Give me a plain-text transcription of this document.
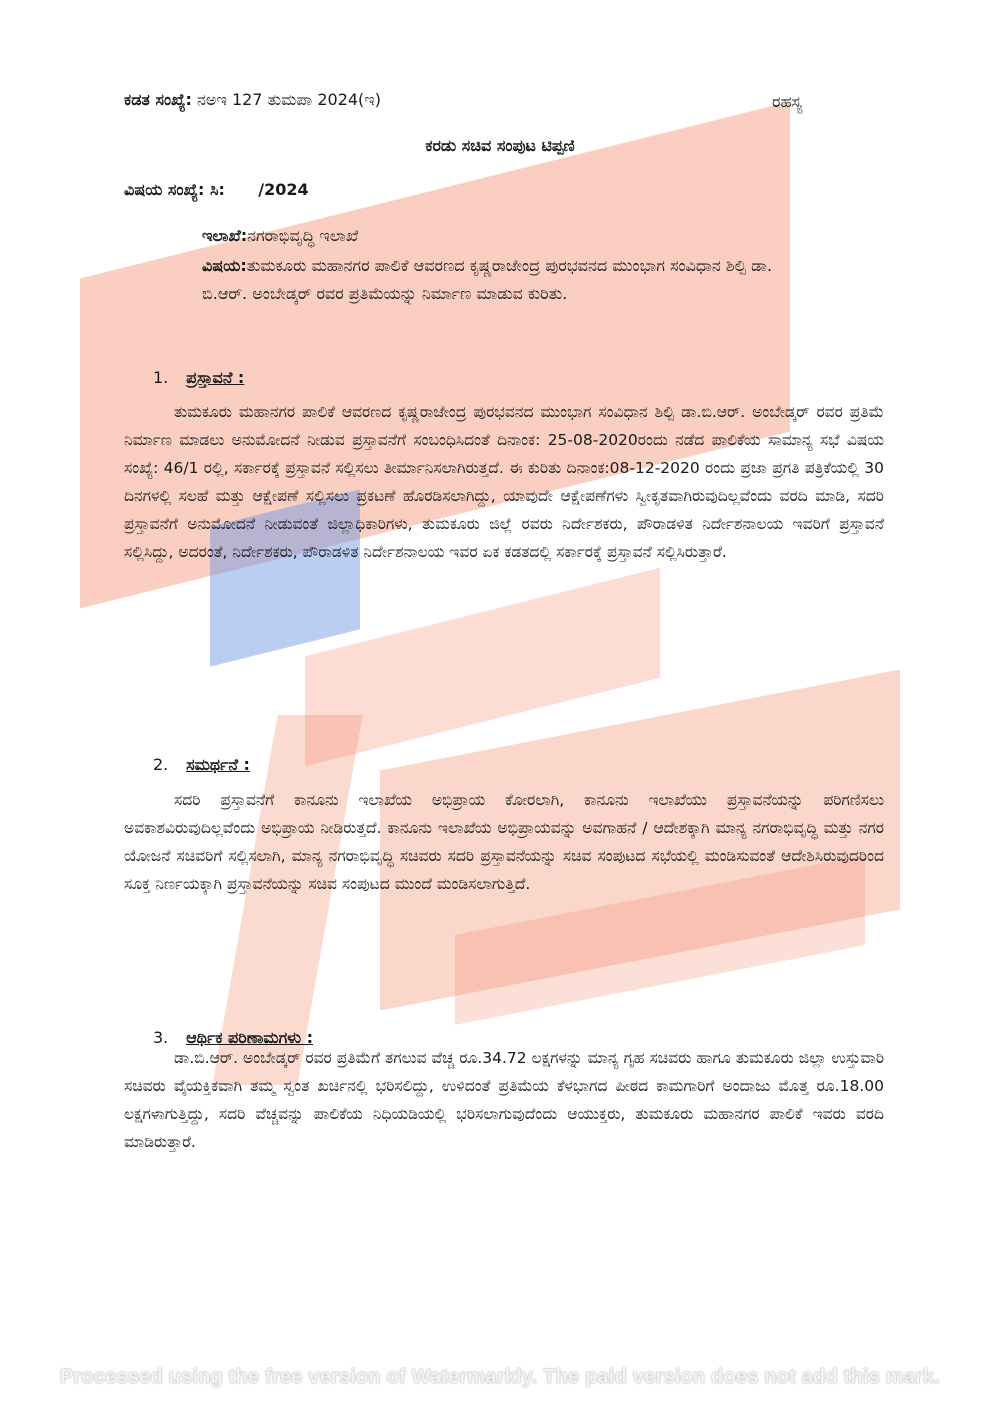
ಕಡತ ಸಂಖ್ಯೆ: ನಅಇ 127 ತುಮಪಾ 2024(ಇ)	ರಹಸ್ಯ
ಕರಡು ಸಚಿವ ಸಂಪುಟ ಟಿಪ್ಪಣಿ
ವಿಷಯ ಸಂಖ್ಯೆ: ಸಿ:      /2024
ಇಲಾಖೆ:ನಗರಾಭಿವೃದ್ಧಿ ಇಲಾಖೆ
ವಿಷಯ:ತುಮಕೂರು ಮಹಾನಗರ ಪಾಲಿಕೆ ಆವರಣದ ಕೃಷ್ಣರಾಜೇಂದ್ರ ಪುರಭವನದ ಮುಂಭಾಗ ಸಂವಿಧಾನ ಶಿಲ್ಪಿ ಡಾ. ಬಿ.ಆರ್. ಅಂಬೇಡ್ಕರ್ ರವರ ಪ್ರತಿಮೆಯನ್ನು ನಿರ್ಮಾಣ ಮಾಡುವ ಕುರಿತು.
1. ಪ್ರಸ್ತಾವನೆ :
ತುಮಕೂರು ಮಹಾನಗರ ಪಾಲಿಕೆ ಆವರಣದ ಕೃಷ್ಣರಾಜೇಂದ್ರ ಪುರಭವನದ ಮುಂಭಾಗ ಸಂವಿಧಾನ ಶಿಲ್ಪಿ ಡಾ.ಬಿ.ಆರ್. ಅಂಬೇಡ್ಕರ್ ರವರ ಪ್ರತಿಮೆ ನಿರ್ಮಾಣ ಮಾಡಲು ಅನುಮೋದನೆ ನೀಡುವ ಪ್ರಸ್ತಾವನೆಗೆ ಸಂಬಂಧಿಸಿದಂತೆ ದಿನಾಂಕ: 25-08-2020ರಂದು ನಡೆದ ಪಾಲಿಕೆಯ ಸಾಮಾನ್ಯ ಸಭೆ ವಿಷಯ ಸಂಖ್ಯೆ: 46/1 ರಲ್ಲಿ, ಸರ್ಕಾರಕ್ಕೆ ಪ್ರಸ್ತಾವನೆ ಸಲ್ಲಿಸಲು ತೀರ್ಮಾನಿಸಲಾಗಿರುತ್ತದೆ. ಈ ಕುರಿತು ದಿನಾಂಕ:08-12-2020 ರಂದು ಪ್ರಜಾ ಪ್ರಗತಿ ಪತ್ರಿಕೆಯಲ್ಲಿ 30 ದಿನಗಳಲ್ಲಿ ಸಲಹೆ ಮತ್ತು ಆಕ್ಷೇಪಣೆ ಸಲ್ಲಿಸಲು ಪ್ರಕಟಣೆ ಹೊರಡಿಸಲಾಗಿದ್ದು, ಯಾವುದೇ ಆಕ್ಷೇಪಣೆಗಳು ಸ್ವೀಕೃತವಾಗಿರುವುದಿಲ್ಲವೆಂದು ವರದಿ ಮಾಡಿ, ಸದರಿ ಪ್ರಸ್ತಾವನೆಗೆ ಅನುಮೋದನೆ ನೀಡುವಂತೆ ಜಿಲ್ಲಾಧಿಕಾರಿಗಳು, ತುಮಕೂರು ಜಿಲ್ಲೆ ರವರು ನಿರ್ದೇಶಕರು, ಪೌರಾಡಳಿತ ನಿರ್ದೇಶನಾಲಯ ಇವರಿಗೆ ಪ್ರಸ್ತಾವನೆ ಸಲ್ಲಿಸಿದ್ದು, ಅದರಂತೆ, ನಿರ್ದೇಶಕರು, ಪೌರಾಡಳಿತ ನಿರ್ದೇಶನಾಲಯ ಇವರ ಏಕ ಕಡತದಲ್ಲಿ ಸರ್ಕಾರಕ್ಕೆ ಪ್ರಸ್ತಾವನೆ ಸಲ್ಲಿಸಿರುತ್ತಾರೆ.
2. ಸಮರ್ಥನೆ :
ಸದರಿ ಪ್ರಸ್ತಾವನೆಗೆ ಕಾನೂನು ಇಲಾಖೆಯ ಅಭಿಪ್ರಾಯ ಕೋರಲಾಗಿ, ಕಾನೂನು ಇಲಾಖೆಯು ಪ್ರಸ್ತಾವನೆಯನ್ನು ಪರಿಗಣಿಸಲು ಅವಕಾಶವಿರುವುದಿಲ್ಲವೆಂದು ಅಭಿಪ್ರಾಯ ನೀಡಿರುತ್ತದೆ. ಕಾನೂನು ಇಲಾಖೆಯ ಅಭಿಪ್ರಾಯವನ್ನು ಅವಗಾಹನೆ / ಆದೇಶಕ್ಕಾಗಿ ಮಾನ್ಯ ನಗರಾಭಿವೃದ್ಧಿ ಮತ್ತು ನಗರ ಯೋಜನೆ ಸಚಿವರಿಗೆ ಸಲ್ಲಿಸಲಾಗಿ, ಮಾನ್ಯ ನಗರಾಭಿವೃದ್ಧಿ ಸಚಿವರು ಸದರಿ ಪ್ರಸ್ತಾವನೆಯನ್ನು ಸಚಿವ ಸಂಪುಟದ ಸಭೆಯಲ್ಲಿ ಮಂಡಿಸುವಂತೆ ಆದೇಶಿಸಿರುವುದರಿಂದ ಸೂಕ್ತ ನಿರ್ಣಯಕ್ಕಾಗಿ ಪ್ರಸ್ತಾವನೆಯನ್ನು ಸಚಿವ ಸಂಪುಟದ ಮುಂದೆ ಮಂಡಿಸಲಾಗುತ್ತಿದೆ.
3. ಆರ್ಥಿಕ ಪರಿಣಾಮಗಳು :
ಡಾ.ಬಿ.ಆರ್. ಅಂಬೇಡ್ಕರ್ ರವರ ಪ್ರತಿಮೆಗೆ ತಗಲುವ ವೆಚ್ಚ ರೂ.34.72 ಲಕ್ಷಗಳನ್ನು ಮಾನ್ಯ ಗೃಹ ಸಚಿವರು ಹಾಗೂ ತುಮಕೂರು ಜಿಲ್ಲಾ ಉಸ್ತುವಾರಿ ಸಚಿವರು ವೈಯಕ್ತಿಕವಾಗಿ ತಮ್ಮ ಸ್ವಂತ ಖರ್ಚಿನಲ್ಲಿ ಭರಿಸಲಿದ್ದು, ಉಳಿದಂತೆ ಪ್ರತಿಮೆಯ ಕೆಳಭಾಗದ ಪೀಠದ ಕಾಮಗಾರಿಗೆ ಅಂದಾಜು ಮೊತ್ತ ರೂ.18.00 ಲಕ್ಷಗಳಾಗುತ್ತಿದ್ದು, ಸದರಿ ವೆಚ್ಚವನ್ನು ಪಾಲಿಕೆಯ ನಿಧಿಯಡಿಯಲ್ಲಿ ಭರಿಸಲಾಗುವುದೆಂದು ಆಯುಕ್ತರು, ತುಮಕೂರು ಮಹಾನಗರ ಪಾಲಿಕೆ ಇವರು ವರದಿ ಮಾಡಿರುತ್ತಾರೆ.
Processed using the free version of Watermarkly. The paid version does not add this mark.
